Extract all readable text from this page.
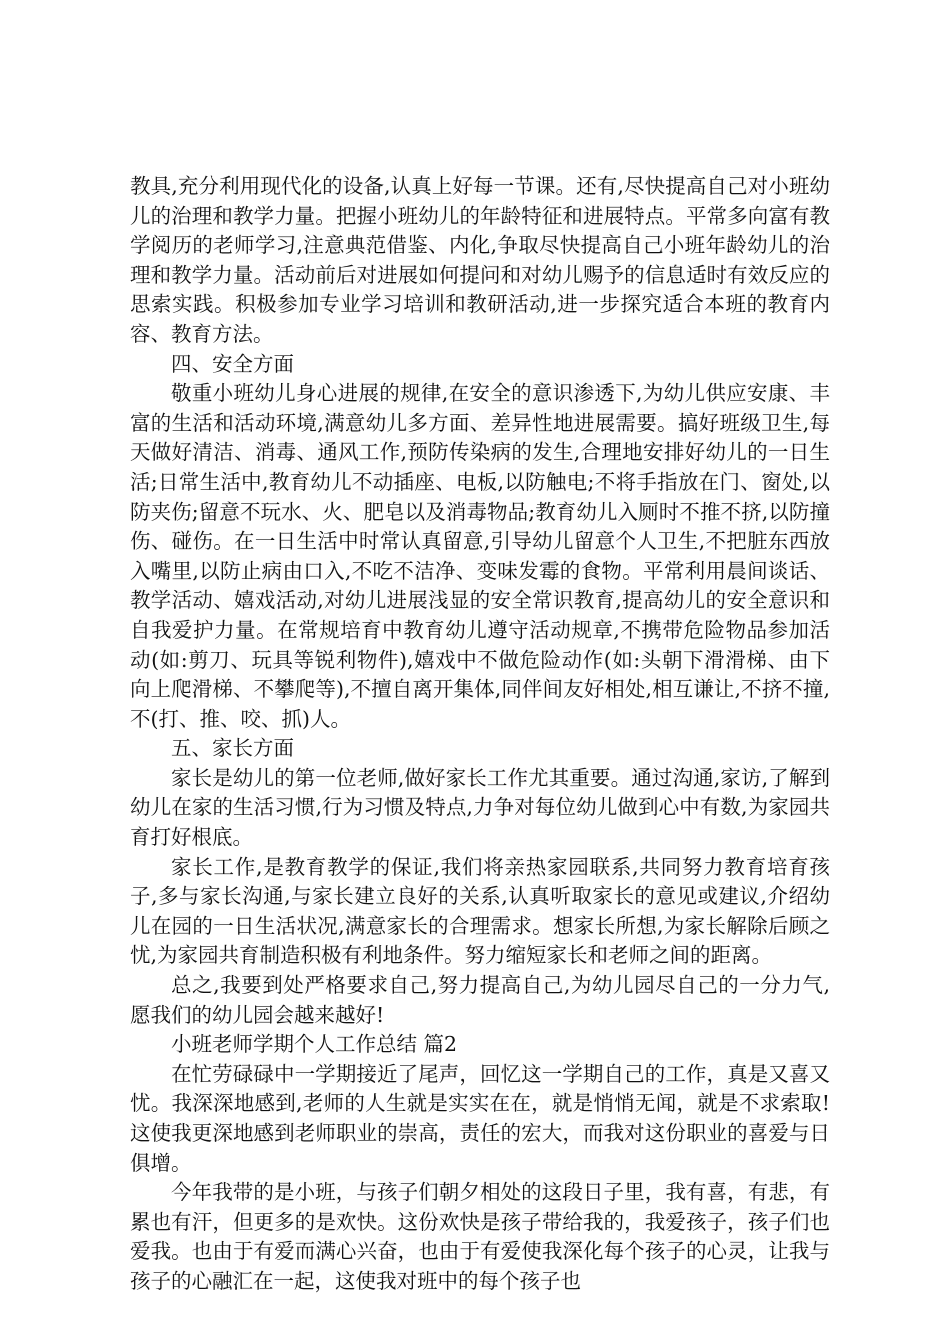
教具,充分利用现代化的设备,认真上好每一节课。还有,尽快提高自己对小班幼儿的治理和教学力量。把握小班幼儿的年龄特征和进展特点。平常多向富有教学阅历的老师学习,注意典范借鉴、内化,争取尽快提高自己小班年龄幼儿的治理和教学力量。活动前后对进展如何提问和对幼儿赐予的信息适时有效反应的思索实践。积极参加专业学习培训和教研活动,进一步探究适合本班的教育内容、教育方法。

四、安全方面

敬重小班幼儿身心进展的规律,在安全的意识渗透下,为幼儿供应安康、丰富的生活和活动环境,满意幼儿多方面、差异性地进展需要。搞好班级卫生,每天做好清洁、消毒、通风工作,预防传染病的发生,合理地安排好幼儿的一日生活;日常生活中,教育幼儿不动插座、电板,以防触电;不将手指放在门、窗处,以防夹伤;留意不玩水、火、肥皂以及消毒物品;教育幼儿入厕时不推不挤,以防撞伤、碰伤。在一日生活中时常认真留意,引导幼儿留意个人卫生,不把脏东西放入嘴里,以防止病由口入,不吃不洁净、变味发霉的食物。平常利用晨间谈话、教学活动、嬉戏活动,对幼儿进展浅显的安全常识教育,提高幼儿的安全意识和自我爱护力量。在常规培育中教育幼儿遵守活动规章,不携带危险物品参加活动(如:剪刀、玩具等锐利物件),嬉戏中不做危险动作(如:头朝下滑滑梯、由下向上爬滑梯、不攀爬等),不擅自离开集体,同伴间友好相处,相互谦让,不挤不撞,不(打、推、咬、抓)人。

五、家长方面

家长是幼儿的第一位老师,做好家长工作尤其重要。通过沟通,家访,了解到幼儿在家的生活习惯,行为习惯及特点,力争对每位幼儿做到心中有数,为家园共育打好根底。

家长工作,是教育教学的保证,我们将亲热家园联系,共同努力教育培育孩子,多与家长沟通,与家长建立良好的关系,认真听取家长的意见或建议,介绍幼儿在园的一日生活状况,满意家长的合理需求。想家长所想,为家长解除后顾之忧,为家园共育制造积极有利地条件。努力缩短家长和老师之间的距离。

总之,我要到处严格要求自己,努力提高自己,为幼儿园尽自己的一分力气,愿我们的幼儿园会越来越好!

小班老师学期个人工作总结 篇2

在忙劳碌碌中一学期接近了尾声，回忆这一学期自己的工作，真是又喜又忧。我深深地感到,老师的人生就是实实在在，就是悄悄无闻，就是不求索取!这使我更深地感到老师职业的崇高，责任的宏大，而我对这份职业的喜爱与日俱增。

今年我带的是小班，与孩子们朝夕相处的这段日子里，我有喜，有悲，有累也有汗，但更多的是欢快。这份欢快是孩子带给我的，我爱孩子，孩子们也爱我。也由于有爱而满心兴奋，也由于有爱使我深化每个孩子的心灵，让我与孩子的心融汇在一起，这使我对班中的每个孩子也
